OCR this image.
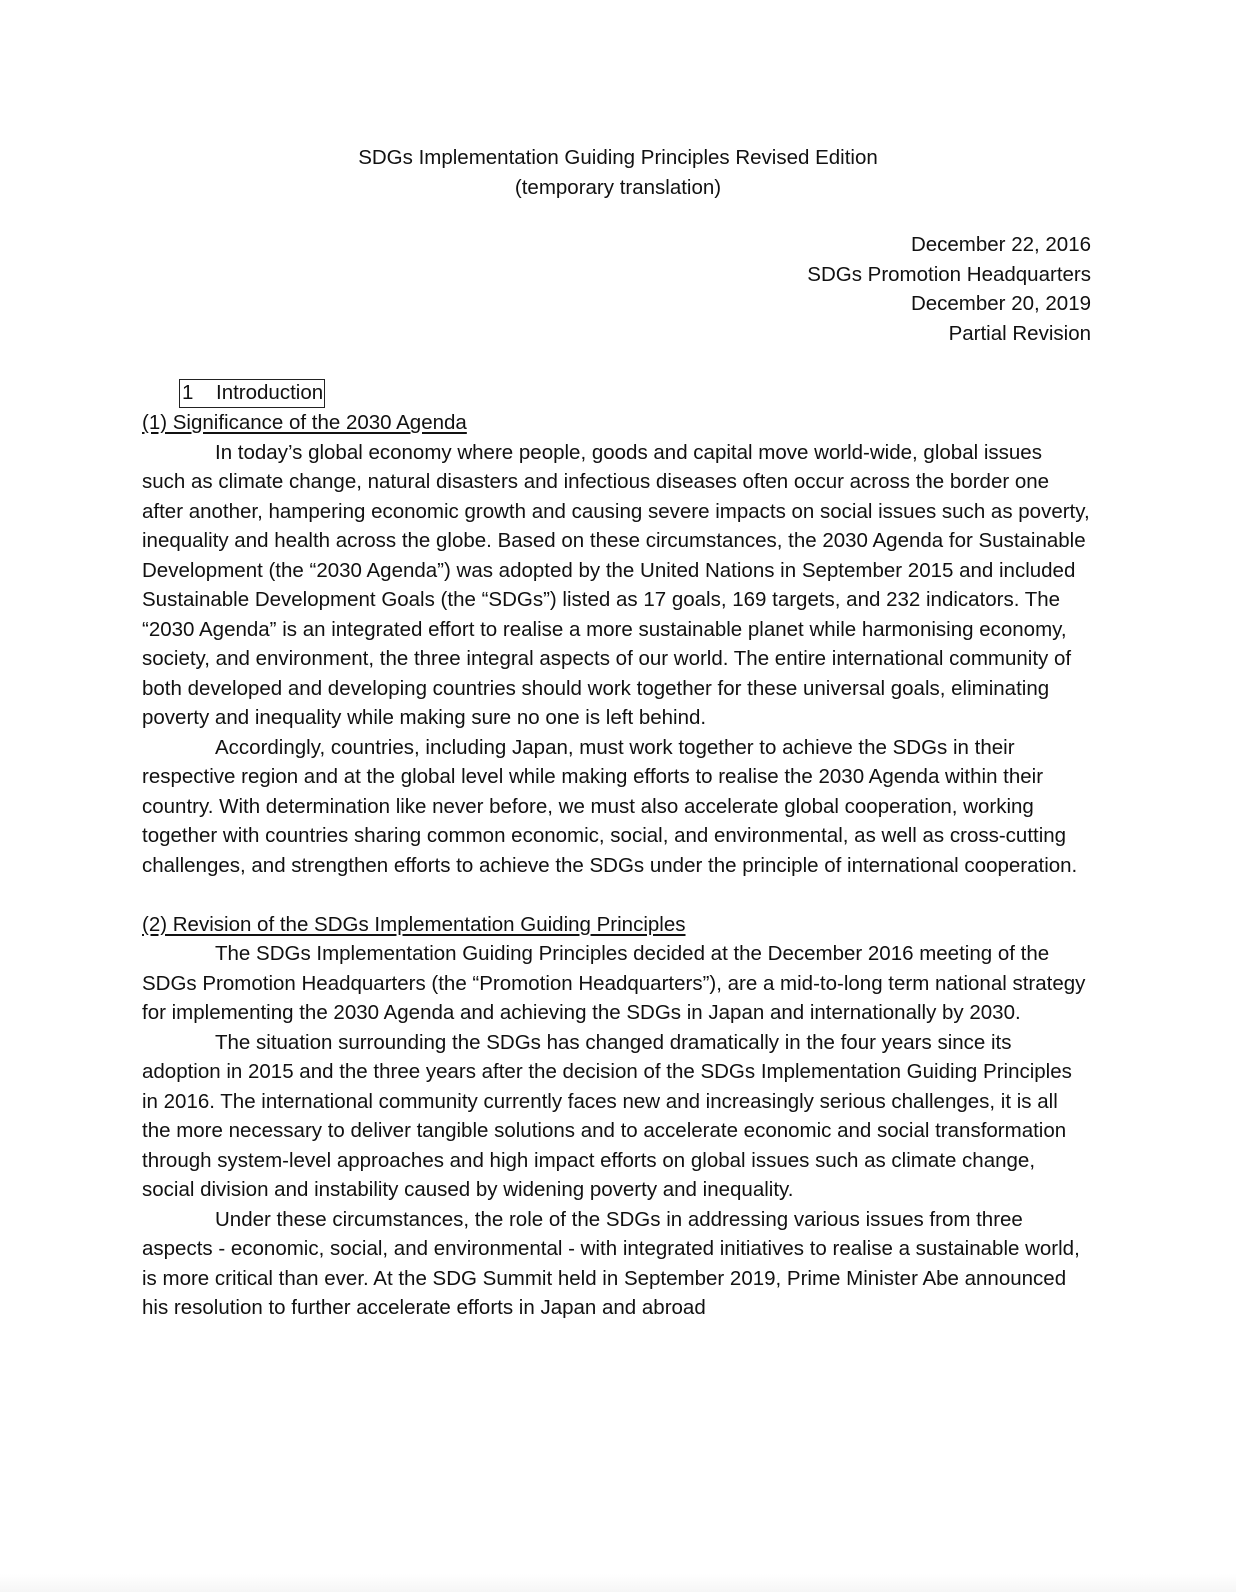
SDGs Implementation Guiding Principles Revised Edition
(temporary translation)
December 22, 2016
SDGs Promotion Headquarters
December 20, 2019
Partial Revision
1 Introduction
(1) Significance of the 2030 Agenda

In today’s global economy where people, goods and capital move world-wide, global issues such as climate change, natural disasters and infectious diseases often occur across the border one after another, hampering economic growth and causing severe impacts on social issues such as poverty, inequality and health across the globe. Based on these circumstances, the 2030 Agenda for Sustainable Development (the “2030 Agenda”) was adopted by the United Nations in September 2015 and included Sustainable Development Goals (the “SDGs”) listed as 17 goals, 169 targets, and 232 indicators. The “2030 Agenda” is an integrated effort to realise a more sustainable planet while harmonising economy, society, and environment, the three integral aspects of our world. The entire international community of both developed and developing countries should work together for these universal goals, eliminating poverty and inequality while making sure no one is left behind.

Accordingly, countries, including Japan, must work together to achieve the SDGs in their respective region and at the global level while making efforts to realise the 2030 Agenda within their country. With determination like never before, we must also accelerate global cooperation, working together with countries sharing common economic, social, and environmental, as well as cross-cutting challenges, and strengthen efforts to achieve the SDGs under the principle of international cooperation.

(2) Revision of the SDGs Implementation Guiding Principles

The SDGs Implementation Guiding Principles decided at the December 2016 meeting of the SDGs Promotion Headquarters (the “Promotion Headquarters”), are a mid-to-long term national strategy for implementing the 2030 Agenda and achieving the SDGs in Japan and internationally by 2030.

The situation surrounding the SDGs has changed dramatically in the four years since its adoption in 2015 and the three years after the decision of the SDGs Implementation Guiding Principles in 2016. The international community currently faces new and increasingly serious challenges, it is all the more necessary to deliver tangible solutions and to accelerate economic and social transformation through system-level approaches and high impact efforts on global issues such as climate change, social division and instability caused by widening poverty and inequality.

Under these circumstances, the role of the SDGs in addressing various issues from three aspects - economic, social, and environmental - with integrated initiatives to realise a sustainable world, is more critical than ever. At the SDG Summit held in September 2019, Prime Minister Abe announced his resolution to further accelerate efforts in Japan and abroad
